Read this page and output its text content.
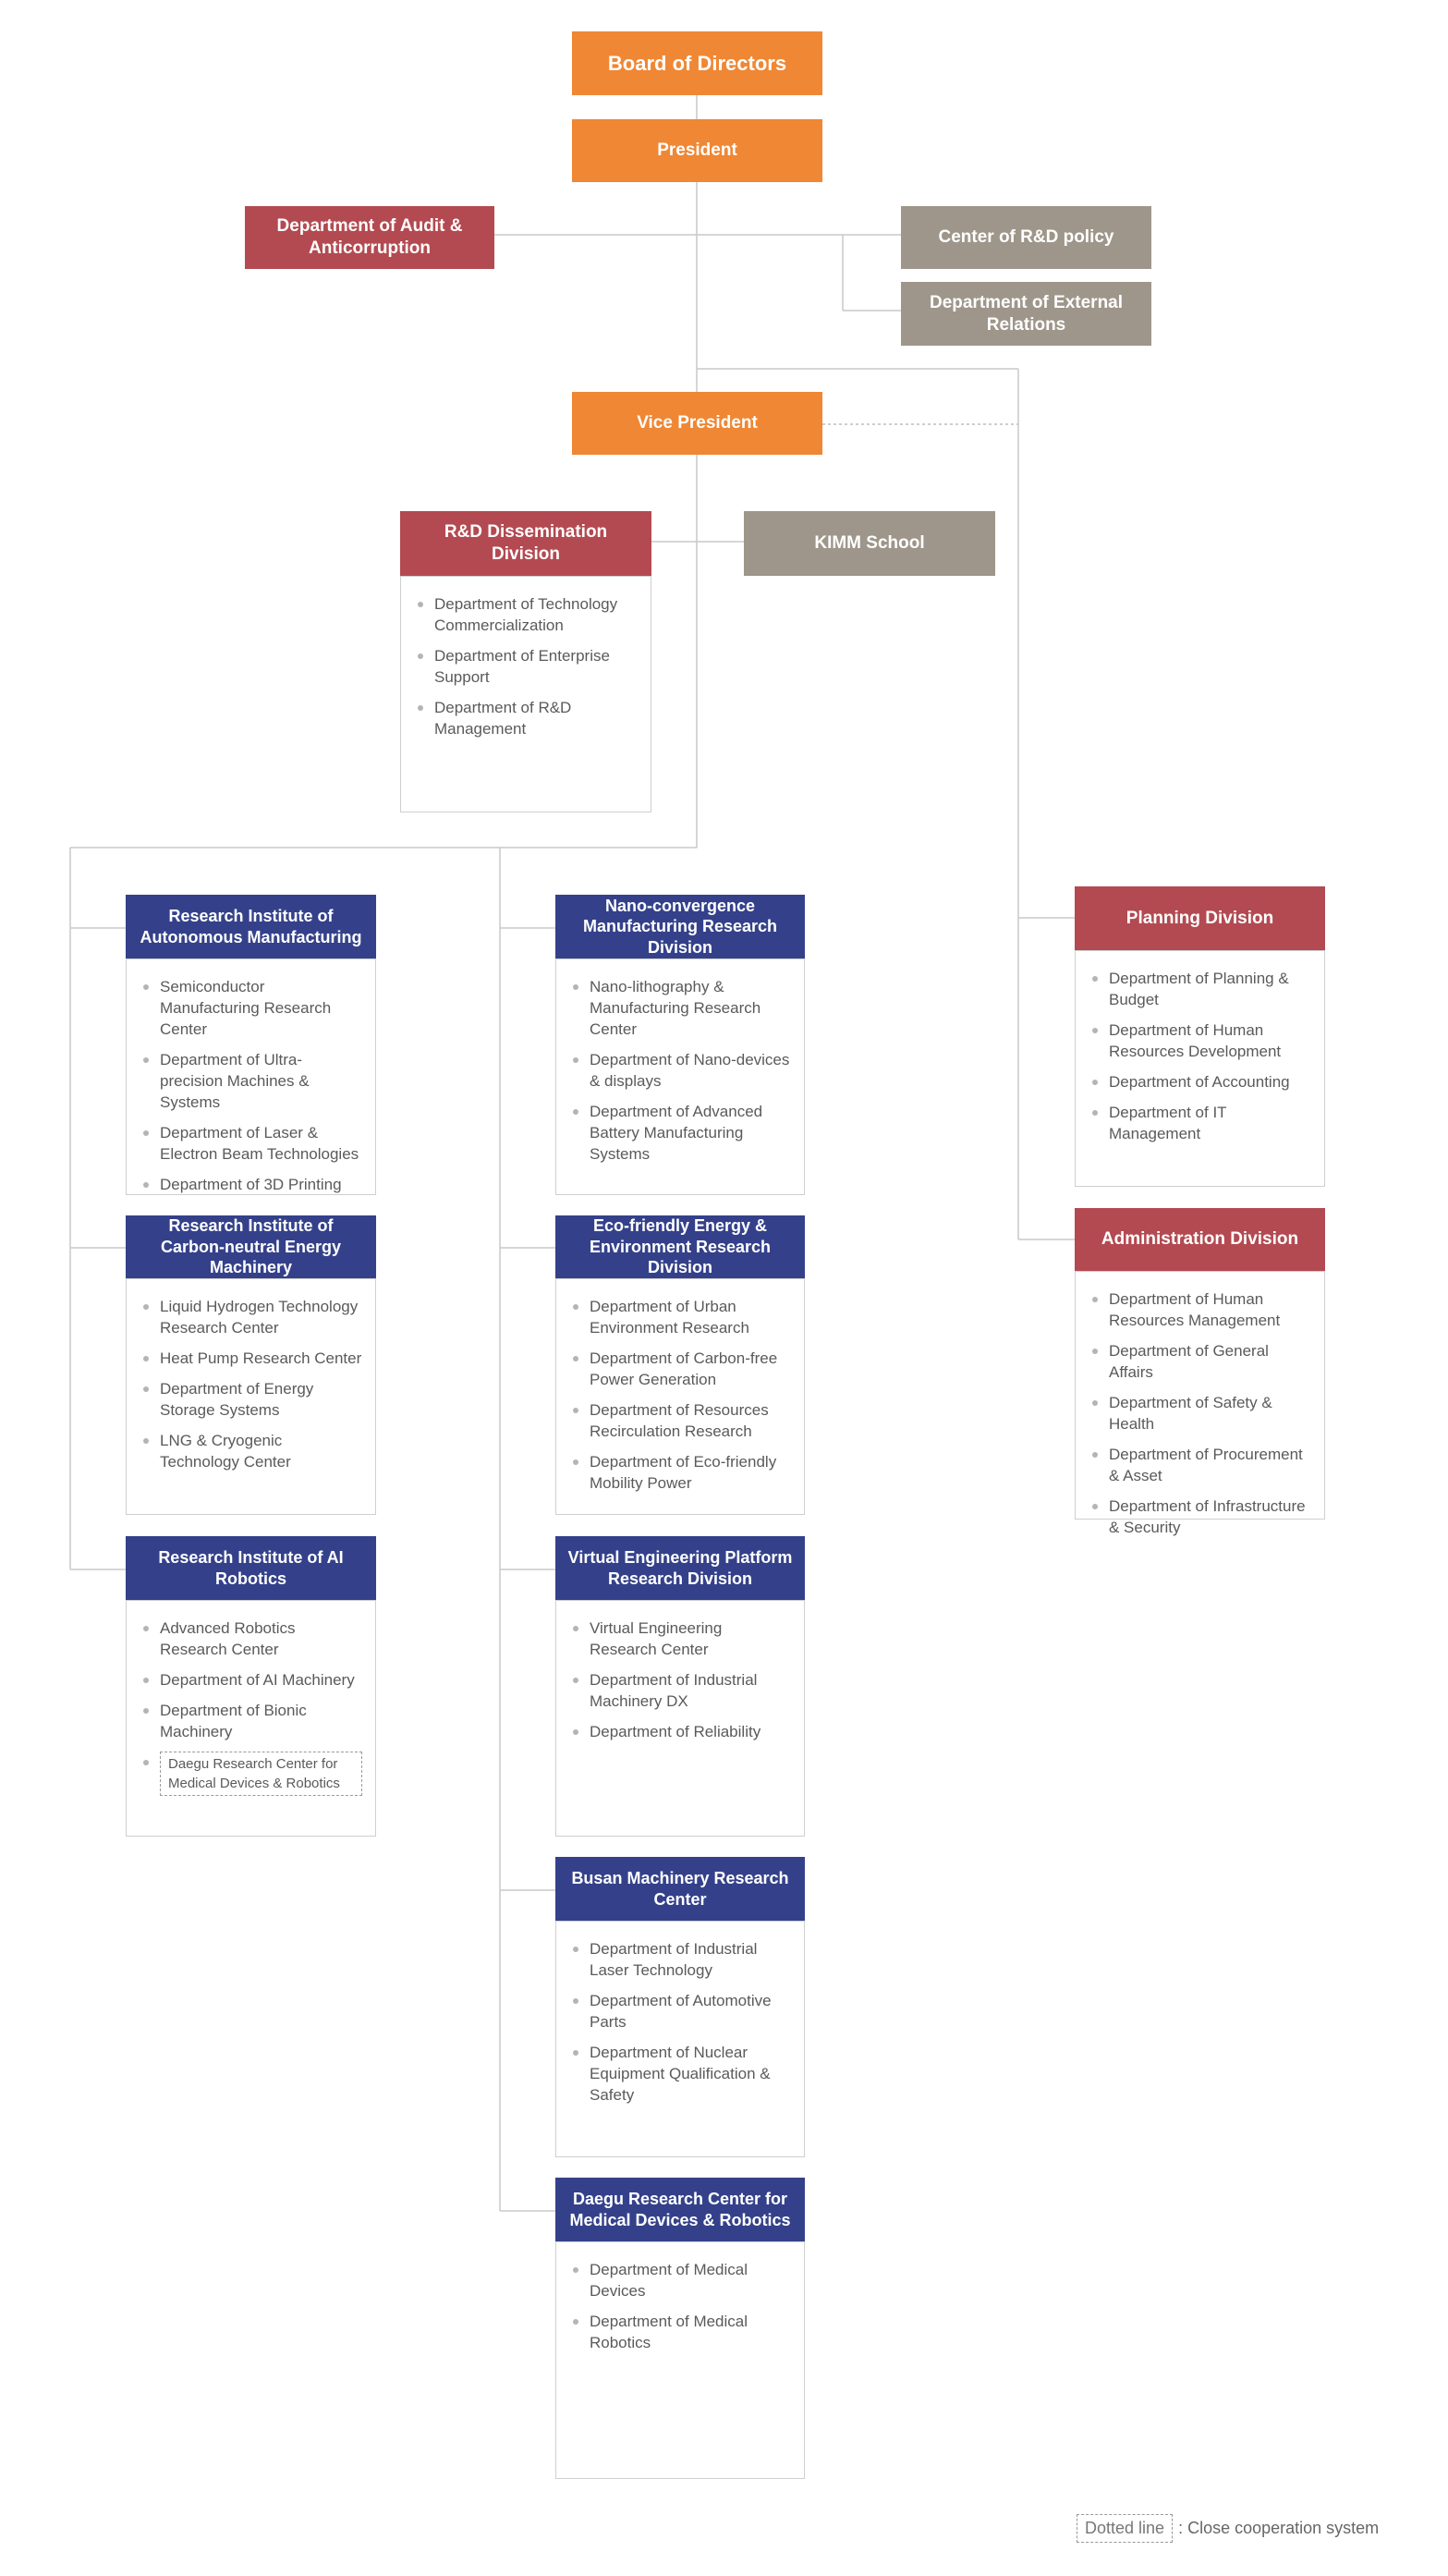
Board of Directors
President
Department of Audit & Anticorruption
Center of R&D policy
Department of External Relations
Vice President
R&D Dissemination Division
Department of Technology Commercialization
Department of Enterprise Support
Department of R&D Management
KIMM School
Planning Division
Department of Planning & Budget
Department of Human Resources Development
Department of Accounting
Department of IT Management
Administration Division
Department of Human Resources Management
Department of General Affairs
Department of Safety & Health
Department of Procurement & Asset
Department of Infrastructure & Security
Research Institute of Autonomous Manufacturing
Semiconductor Manufacturing Research Center
Department of Ultra-precision Machines & Systems
Department of Laser & Electron Beam Technologies
Department of 3D Printing
Research Institute of Carbon-neutral Energy Machinery
Liquid Hydrogen Technology Research Center
Heat Pump Research Center
Department of Energy Storage Systems
LNG & Cryogenic Technology Center
Research Institute of AI Robotics
Advanced Robotics Research Center
Department of AI Machinery
Department of Bionic Machinery
Daegu Research Center for Medical Devices & Robotics
Nano-convergence Manufacturing Research Division
Nano-lithography & Manufacturing Research Center
Department of Nano-devices & displays
Department of Advanced Battery Manufacturing Systems
Eco-friendly Energy & Environment Research Division
Department of Urban Environment Research
Department of Carbon-free Power Generation
Department of Resources Recirculation Research
Department of Eco-friendly Mobility Power
Virtual Engineering Platform Research Division
Virtual Engineering Research Center
Department of Industrial Machinery DX
Department of Reliability
Busan Machinery Research Center
Department of Industrial Laser Technology
Department of Automotive Parts
Department of Nuclear Equipment Qualification & Safety
Daegu Research Center for Medical Devices & Robotics
Department of Medical Devices
Department of Medical Robotics
Dotted line : Close cooperation system
